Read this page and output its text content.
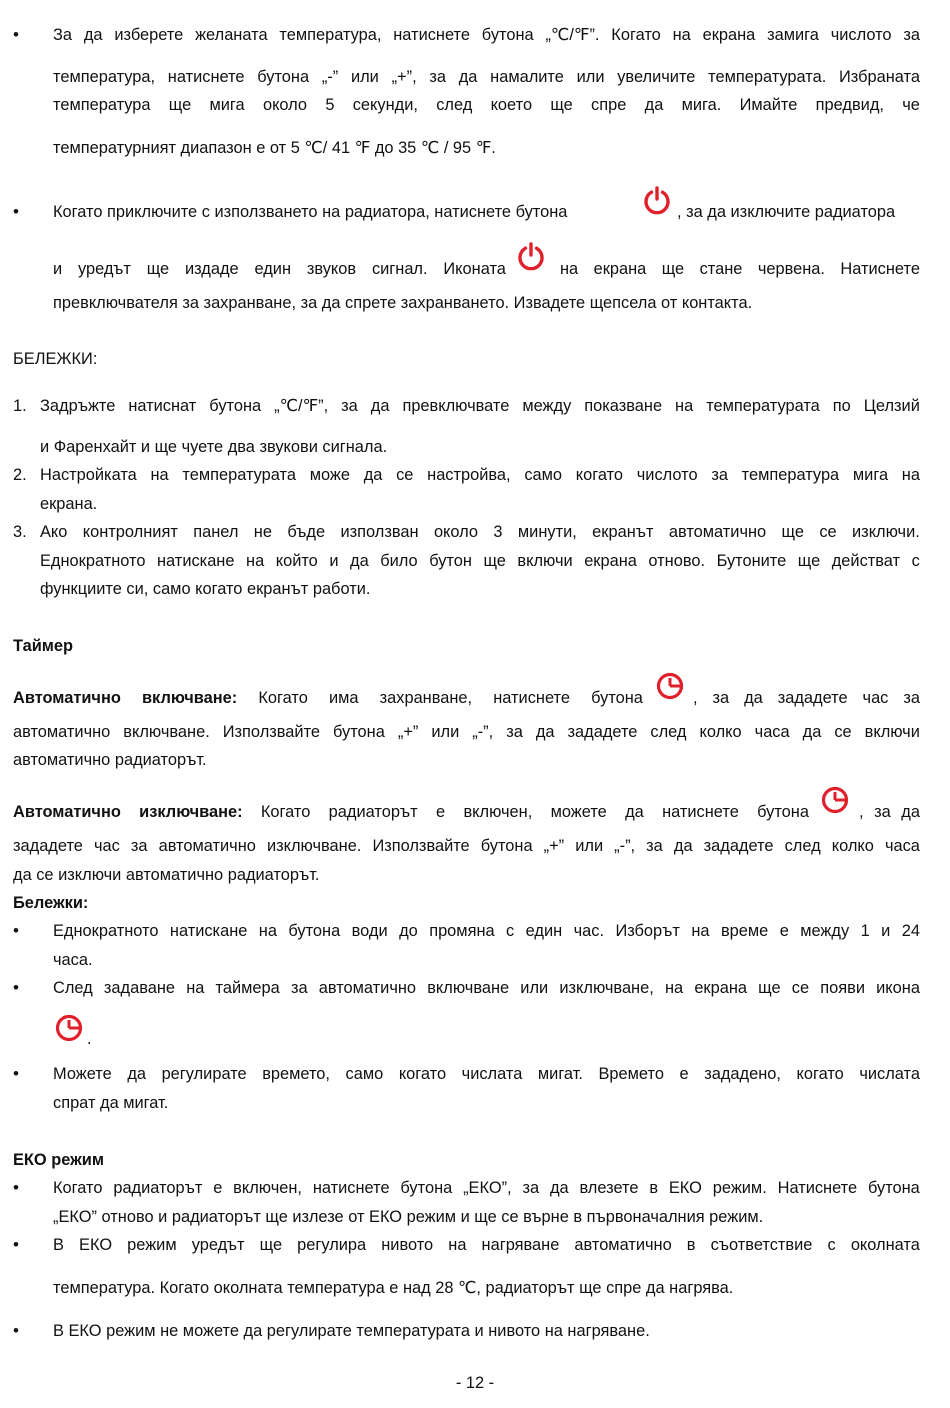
• За да изберете желаната температура, натиснете бутона „℃/℉”. Когато на екрана замига числото за
температура, натиснете бутона „-” или „+”, за да намалите или увеличите температурата. Избраната
температура ще мига около 5 секунди, след което ще спре да мига. Имайте предвид, че
температурният диапазон е от 5 ℃/ 41 ℉ до 35 ℃ / 95 ℉.
• Когато приключите с използването на радиатора, натиснете бутона	, за да изключите радиатора
и уредът ще издаде един звуков сигнал. Иконата	на екрана ще стане червена. Натиснете
превключвателя за захранване, за да спрете захранването. Извадете щепсела от контакта.
БЕЛЕЖКИ:
1. Задръжте натиснат бутона „℃/℉”, за да превключвате между показване на температурата по Целзий
и Фаренхайт и ще чуете два звукови сигнала.
2. Настройката на температурата може да се настройва, само когато числото за температура мига на
екрана.
3. Ако контролният панел не бъде използван около 3 минути, екранът автоматично ще се изключи.
Еднократното натискане на който и да било бутон ще включи екрана отново. Бутоните ще действат с
функциите си, само когато екранът работи.
Таймер
Автоматично включване: Когато има захранване, натиснете бутона	, за да зададете час за
автоматично включване. Използвайте бутона „+” или „-”, за да зададете след колко часа да се включи
автоматично радиаторът.
Автоматично изключване: Когато радиаторът е включен, можете да натиснете бутона	, за да
зададете час за автоматично изключване. Използвайте бутона „+” или „-”, за да зададете след колко часа
да се изключи автоматично радиаторът.
Бележки:
• Еднократното натискане на бутона води до промяна с един час. Изборът на време е между 1 и 24
часа.
• След задаване на таймера за автоматично включване или изключване, на екрана ще се появи икона
.
• Можете да регулирате времето, само когато числата мигат. Времето е зададено, когато числата
спрат да мигат.
ЕКО режим
• Когато радиаторът е включен, натиснете бутона „ЕКО”, за да влезете в ЕКО режим. Натиснете бутона
„ЕКО” отново и радиаторът ще излезе от ЕКО режим и ще се върне в първоначалния режим.
• В ЕКО режим уредът ще регулира нивото на нагряване автоматично в съответствие с околната
температура. Когато околната температура е над 28 ℃, радиаторът ще спре да нагрява.
• В ЕКО режим не можете да регулирате температурата и нивото на нагряване.
- 12 -
